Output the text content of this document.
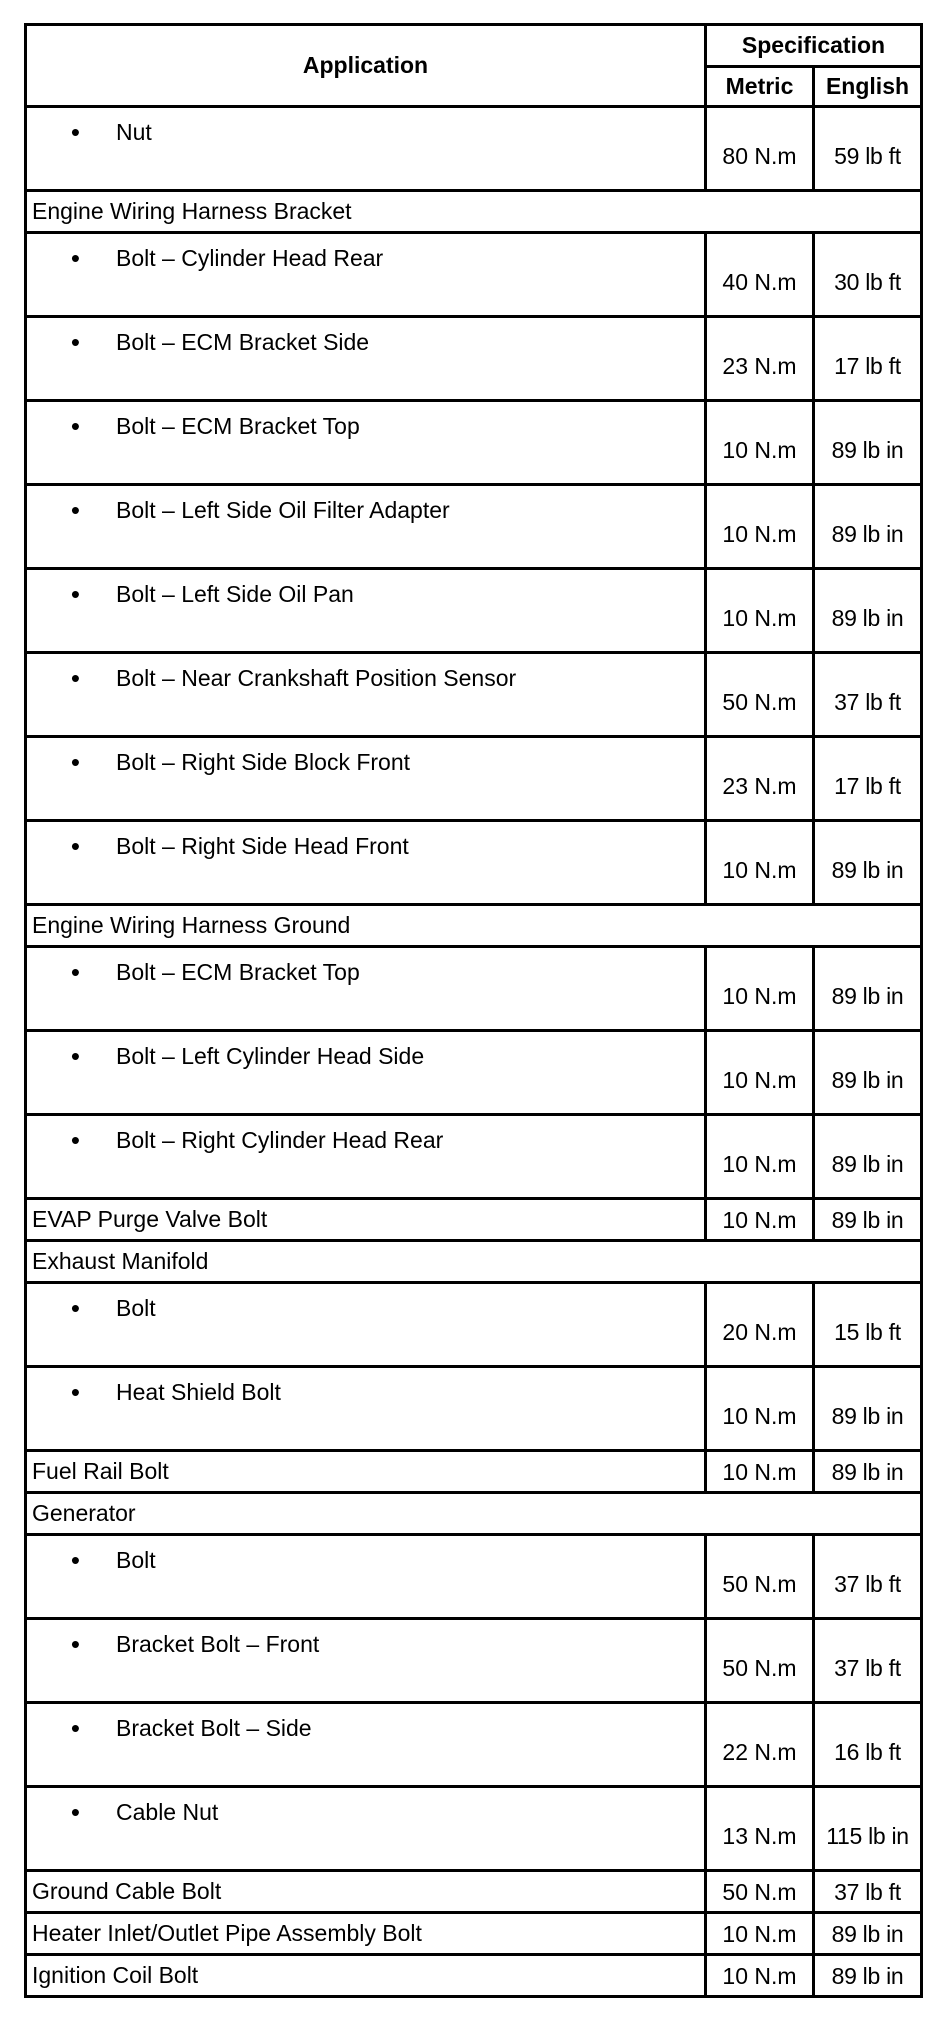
Application	Specification	
	Metric	English
• Nut	80 N.m	59 lb ft
Engine Wiring Harness Bracket		
• Bolt – Cylinder Head Rear	40 N.m	30 lb ft
• Bolt – ECM Bracket Side	23 N.m	17 lb ft
• Bolt – ECM Bracket Top	10 N.m	89 lb in
• Bolt – Left Side Oil Filter Adapter	10 N.m	89 lb in
• Bolt – Left Side Oil Pan	10 N.m	89 lb in
• Bolt – Near Crankshaft Position Sensor	50 N.m	37 lb ft
• Bolt – Right Side Block Front	23 N.m	17 lb ft
• Bolt – Right Side Head Front	10 N.m	89 lb in
Engine Wiring Harness Ground		
• Bolt – ECM Bracket Top	10 N.m	89 lb in
• Bolt – Left Cylinder Head Side	10 N.m	89 lb in
• Bolt – Right Cylinder Head Rear	10 N.m	89 lb in
EVAP Purge Valve Bolt	10 N.m	89 lb in
Exhaust Manifold		
• Bolt	20 N.m	15 lb ft
• Heat Shield Bolt	10 N.m	89 lb in
Fuel Rail Bolt	10 N.m	89 lb in
Generator		
• Bolt	50 N.m	37 lb ft
• Bracket Bolt – Front	50 N.m	37 lb ft
• Bracket Bolt – Side	22 N.m	16 lb ft
• Cable Nut	13 N.m	115 lb in
Ground Cable Bolt	50 N.m	37 lb ft
Heater Inlet/Outlet Pipe Assembly Bolt	10 N.m	89 lb in
Ignition Coil Bolt	10 N.m	89 lb in
